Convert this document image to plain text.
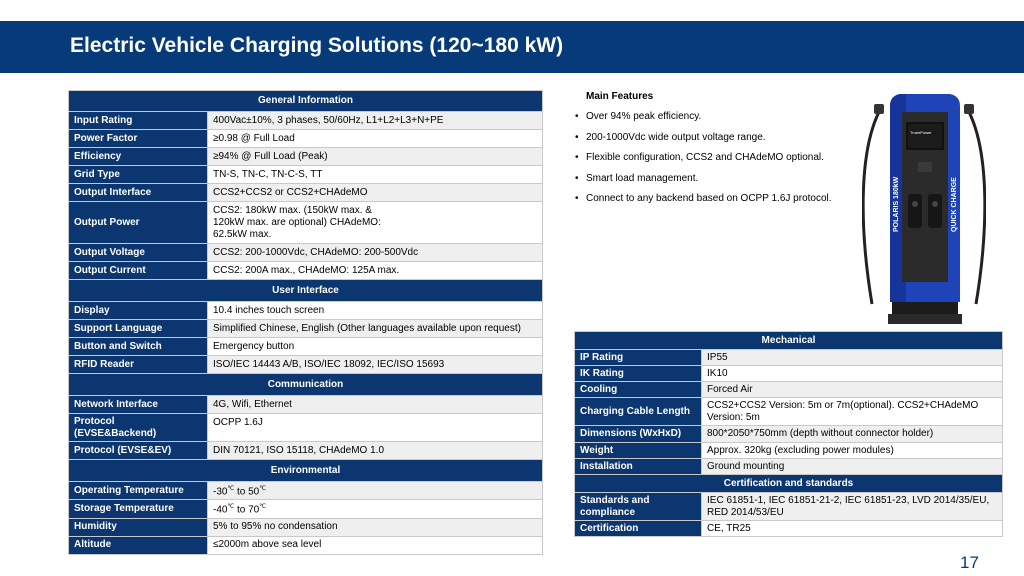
Electric Vehicle Charging Solutions (120~180 kW)
General Information	
Input Rating	400Vac±10%, 3 phases, 50/60Hz, L1+L2+L3+N+PE
Power Factor	≥0.98 @ Full Load
Efficiency	≥94% @ Full Load (Peak)
Grid Type	TN-S, TN-C, TN-C-S, TT
Output Interface	CCS2+CCS2 or CCS2+CHAdeMO
Output Power	CCS2: 180kW max. (150kW max. & 120kW max. are optional) CHAdeMO: 62.5kW max.
Output Voltage	CCS2: 200-1000Vdc, CHAdeMO: 200-500Vdc
Output Current	CCS2: 200A max., CHAdeMO: 125A max.
User Interface	
Display	10.4 inches touch screen
Support Language	Simplified Chinese, English (Other languages available upon request)
Button and Switch	Emergency button
RFID Reader	ISO/IEC 14443 A/B, ISO/IEC 18092, IEC/ISO 15693
Communication	
Network Interface	4G, Wifi, Ethernet
Protocol (EVSE&Backend)	OCPP 1.6J
Protocol (EVSE&EV)	DIN 70121, ISO 15118, CHAdeMO 1.0
Environmental	
Operating Temperature	-30℃ to 50℃
Storage Temperature	-40℃ to 70℃
Humidity	5% to 95% no condensation
Altitude	≤2000m above sea level
Main Features
• Over 94% peak efficiency.
• 200-1000Vdc wide output voltage range.
• Flexible configuration, CCS2 and CHAdeMO optional.
• Smart load management.
• Connect to any backend based on OCPP 1.6J protocol.
TrueePower
POLARIS 180kW	QUICK CHARGE
Mechanical	
IP Rating	IP55
IK Rating	IK10
Cooling	Forced Air
Charging Cable Length	CCS2+CCS2 Version: 5m or 7m(optional). CCS2+CHAdeMO Version: 5m
Dimensions (WxHxD)	800*2050*750mm (depth without connector holder)
Weight	Approx. 320kg (excluding power modules)
Installation	Ground mounting
Certification and standards	
Standards and compliance	IEC 61851-1, IEC 61851-21-2, IEC 61851-23, LVD 2014/35/EU, RED 2014/53/EU
Certification	CE, TR25
17
